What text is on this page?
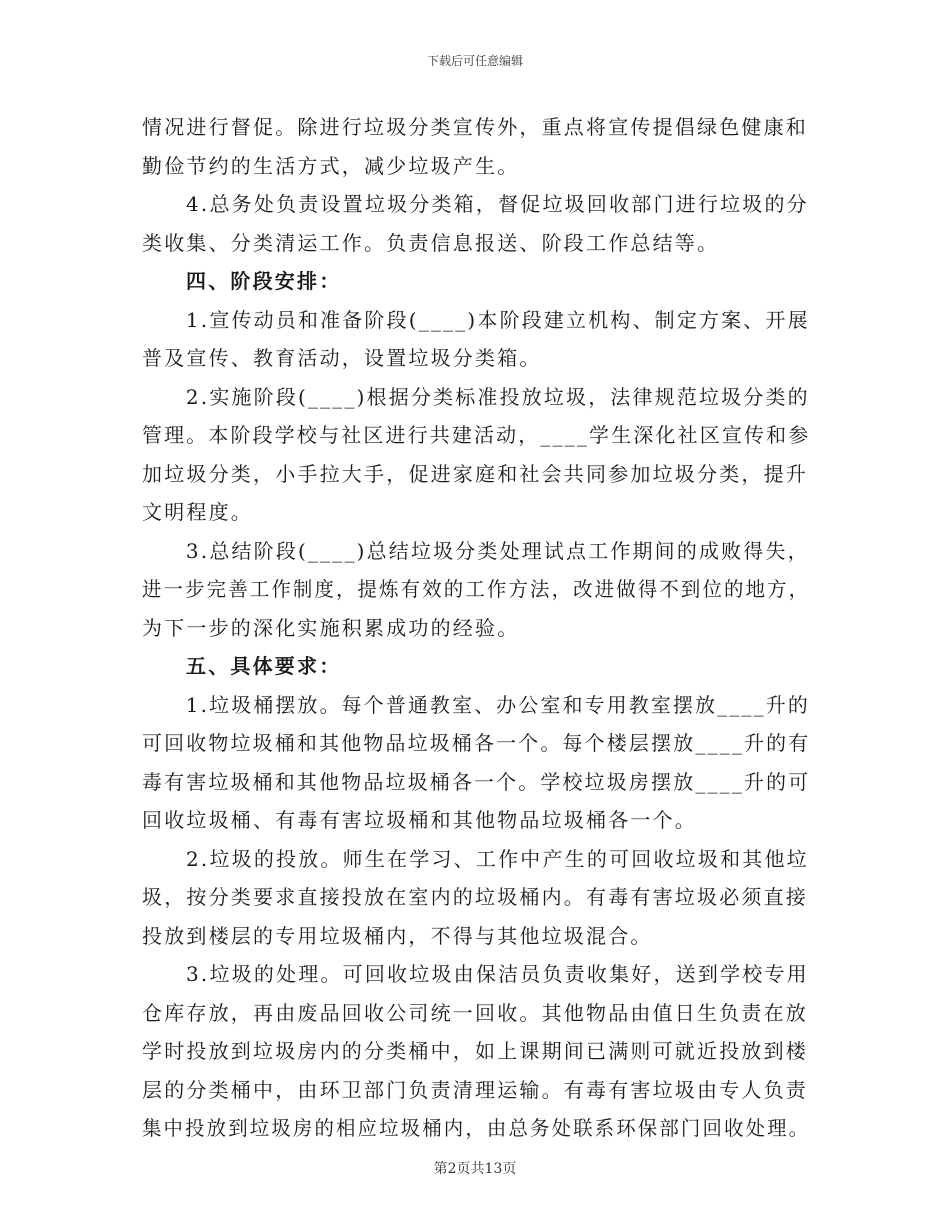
下载后可任意编辑
情况进行督促。除进行垃圾分类宣传外，重点将宣传提倡绿色健康和
勤俭节约的生活方式，减少垃圾产生。
4.总务处负责设置垃圾分类箱，督促垃圾回收部门进行垃圾的分
类收集、分类清运工作。负责信息报送、阶段工作总结等。
四、阶段安排：
1.宣传动员和准备阶段(____)本阶段建立机构、制定方案、开展
普及宣传、教育活动，设置垃圾分类箱。
2.实施阶段(____)根据分类标准投放垃圾，法律规范垃圾分类的
管理。本阶段学校与社区进行共建活动，____学生深化社区宣传和参
加垃圾分类，小手拉大手，促进家庭和社会共同参加垃圾分类，提升
文明程度。
3.总结阶段(____)总结垃圾分类处理试点工作期间的成败得失，
进一步完善工作制度，提炼有效的工作方法，改进做得不到位的地方，
为下一步的深化实施积累成功的经验。
五、具体要求：
1.垃圾桶摆放。每个普通教室、办公室和专用教室摆放____升的
可回收物垃圾桶和其他物品垃圾桶各一个。每个楼层摆放____升的有
毒有害垃圾桶和其他物品垃圾桶各一个。学校垃圾房摆放____升的可
回收垃圾桶、有毒有害垃圾桶和其他物品垃圾桶各一个。
2.垃圾的投放。师生在学习、工作中产生的可回收垃圾和其他垃
圾，按分类要求直接投放在室内的垃圾桶内。有毒有害垃圾必须直接
投放到楼层的专用垃圾桶内，不得与其他垃圾混合。
3.垃圾的处理。可回收垃圾由保洁员负责收集好，送到学校专用
仓库存放，再由废品回收公司统一回收。其他物品由值日生负责在放
学时投放到垃圾房内的分类桶中，如上课期间已满则可就近投放到楼
层的分类桶中，由环卫部门负责清理运输。有毒有害垃圾由专人负责
集中投放到垃圾房的相应垃圾桶内，由总务处联系环保部门回收处理。
第2页共13页
